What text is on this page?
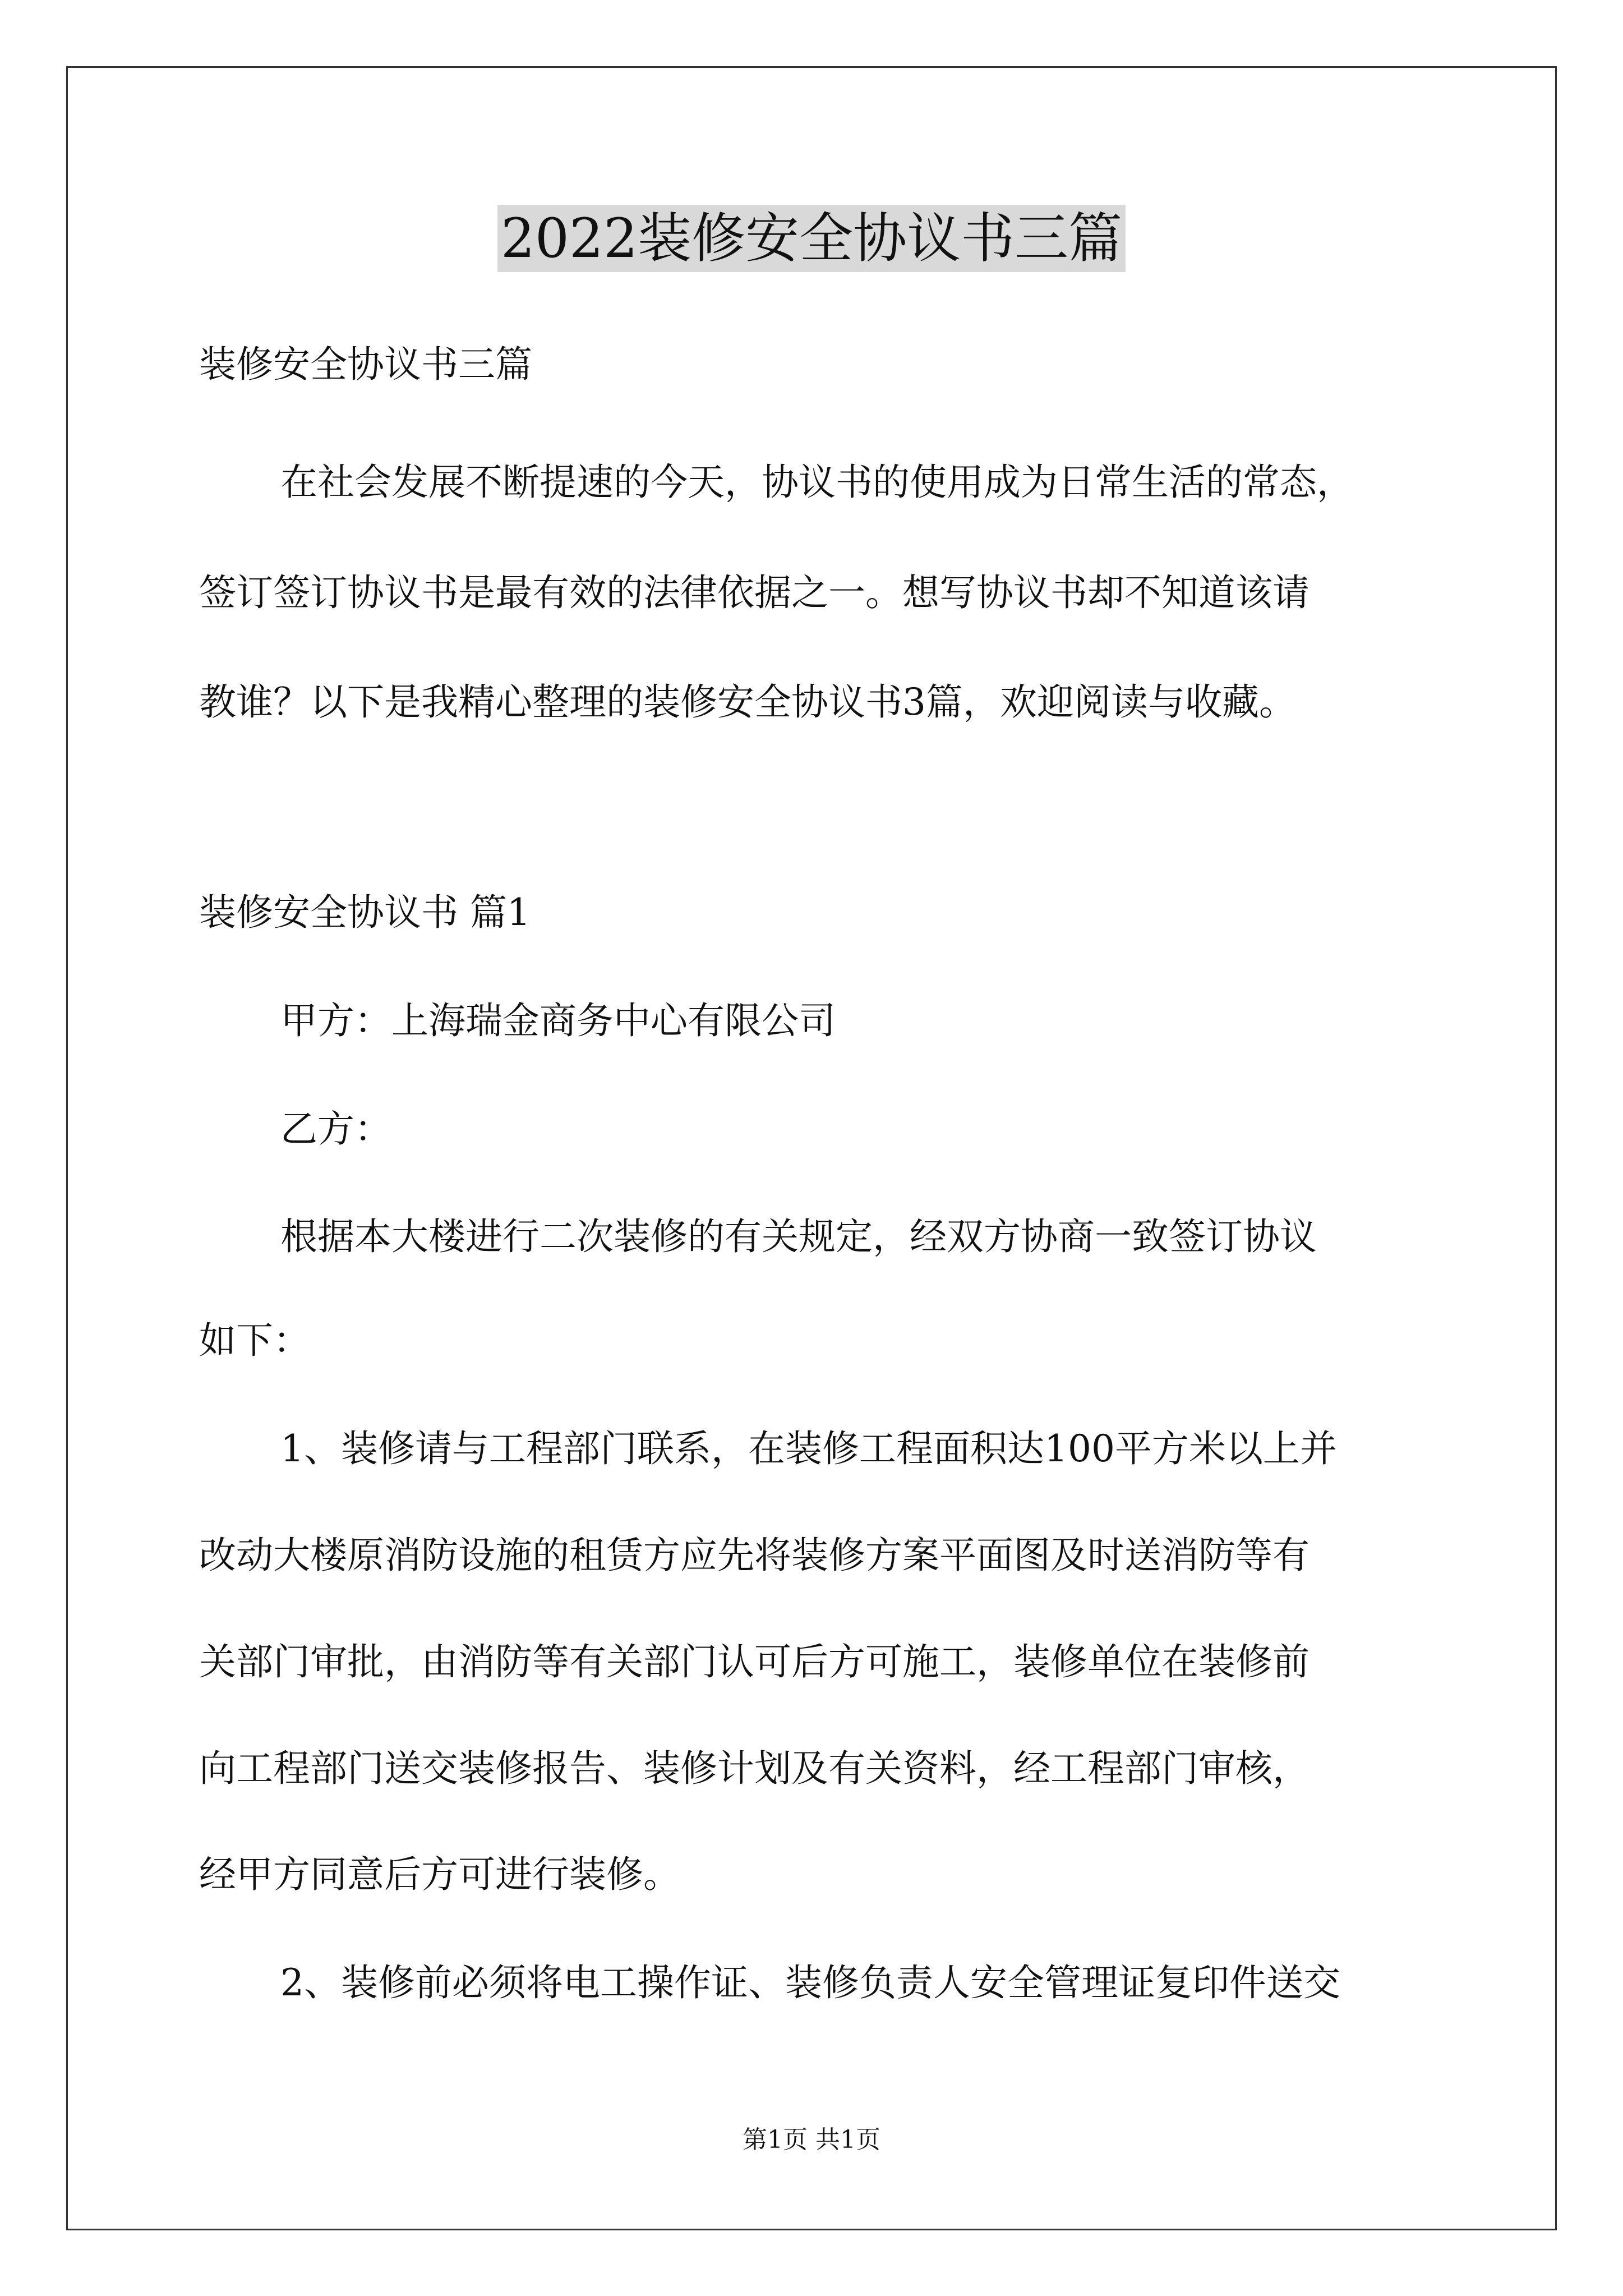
2022装修安全协议书三篇
装修安全协议书三篇
在社会发展不断提速的今天，协议书的使用成为日常生活的常态，
签订签订协议书是最有效的法律依据之一。想写协议书却不知道该请
教谁？以下是我精心整理的装修安全协议书3篇，欢迎阅读与收藏。
装修安全协议书 篇1
甲方：上海瑞金商务中心有限公司
乙方：
根据本大楼进行二次装修的有关规定，经双方协商一致签订协议
如下：
1、装修请与工程部门联系，在装修工程面积达100平方米以上并
改动大楼原消防设施的租赁方应先将装修方案平面图及时送消防等有
关部门审批，由消防等有关部门认可后方可施工，装修单位在装修前
向工程部门送交装修报告、装修计划及有关资料，经工程部门审核，
经甲方同意后方可进行装修。
2、装修前必须将电工操作证、装修负责人安全管理证复印件送交
第1页 共1页
